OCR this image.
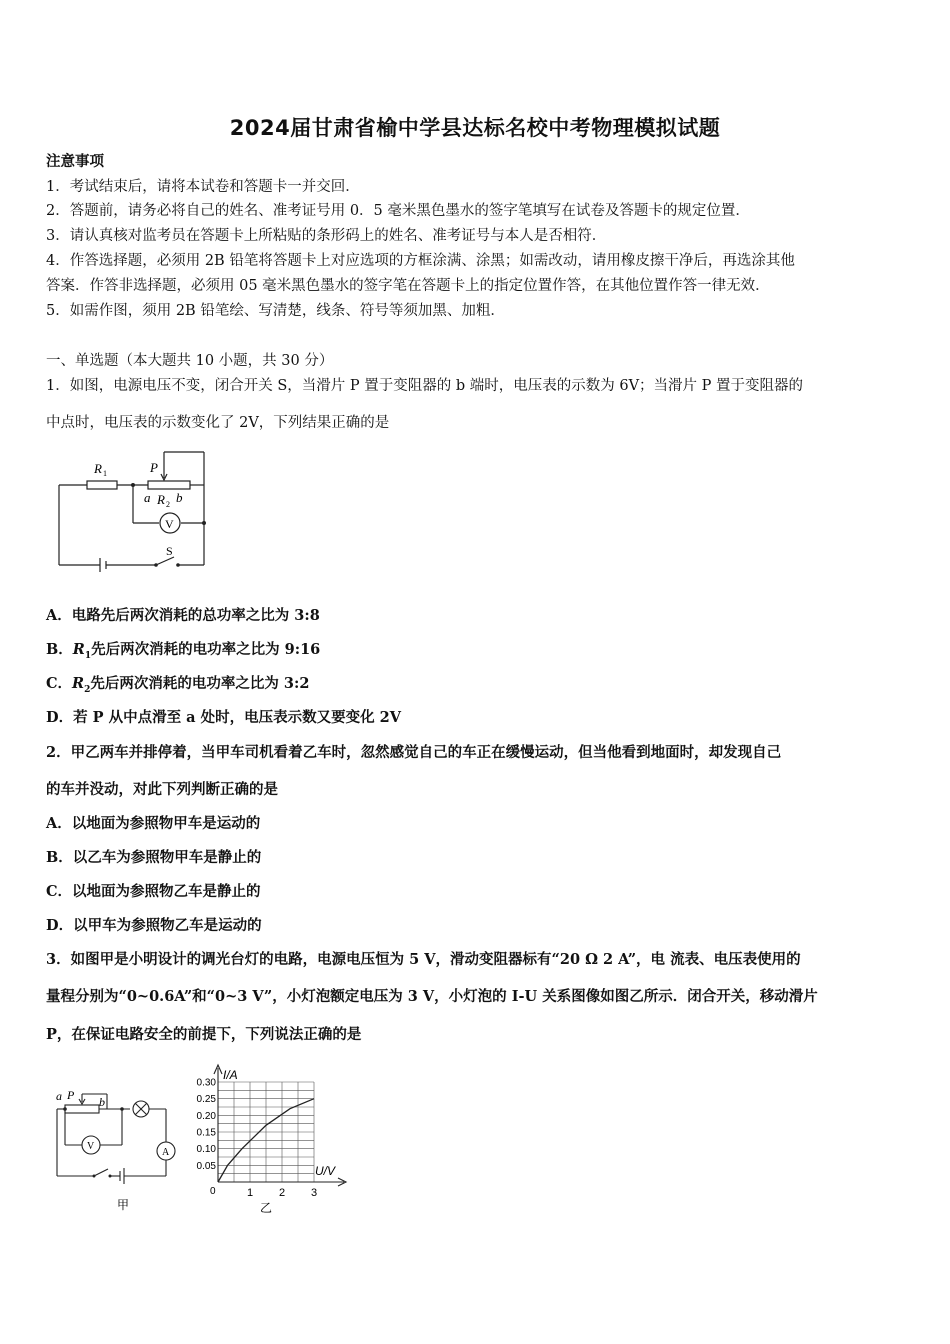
2024届甘肃省榆中学县达标名校中考物理模拟试题
注意事项
1．考试结束后，请将本试卷和答题卡一并交回．
2．答题前，请务必将自己的姓名、准考证号用 0．5 毫米黑色墨水的签字笔填写在试卷及答题卡的规定位置．
3．请认真核对监考员在答题卡上所粘贴的条形码上的姓名、准考证号与本人是否相符．
4．作答选择题，必须用 2B 铅笔将答题卡上对应选项的方框涂满、涂黑；如需改动，请用橡皮擦干净后，再选涂其他
答案．作答非选择题，必须用 05 毫米黑色墨水的签字笔在答题卡上的指定位置作答，在其他位置作答一律无效．
5．如需作图，须用 2B 铅笔绘、写清楚，线条、符号等须加黑、加粗．
一、单选题（本大题共 10 小题，共 30 分）
1．如图，电源电压不变，闭合开关 S，当滑片 P 置于变阻器的 b 端时，电压表的示数为 6V；当滑片 P 置于变阻器的
中点时，电压表的示数变化了 2V，下列结果正确的是
R 1	P
a R 2 b
V
S
A．电路先后两次消耗的总功率之比为 3:8
B．$R_1$先后两次消耗的电功率之比为 9:16
C．$R_2$先后两次消耗的电功率之比为 3:2
D．若 P 从中点滑至 a 处时，电压表示数又要变化 2V
2．甲乙两车并排停着，当甲车司机看着乙车时，忽然感觉自己的车正在缓慢运动，但当他看到地面时，却发现自己
的车并没动，对此下列判断正确的是
A．以地面为参照物甲车是运动的
B．以乙车为参照物甲车是静止的
C．以地面为参照物乙车是静止的
D．以甲车为参照物乙车是运动的
3．如图甲是小明设计的调光台灯的电路，电源电压恒为 5 V，滑动变阻器标有“20 Ω 2 A”，电 流表、电压表使用的
量程分别为“0~0.6A”和“0~3 V”，小灯泡额定电压为 3 V，小灯泡的 I-U 关系图像如图乙所示．闭合开关，移动滑片
P，在保证电路安全的前提下，下列说法正确的是
a P b
V
A
甲
0.05
0.10
0.15
0.20
0.25
0.30
1 2 3
I/A
U/V
0
乙
